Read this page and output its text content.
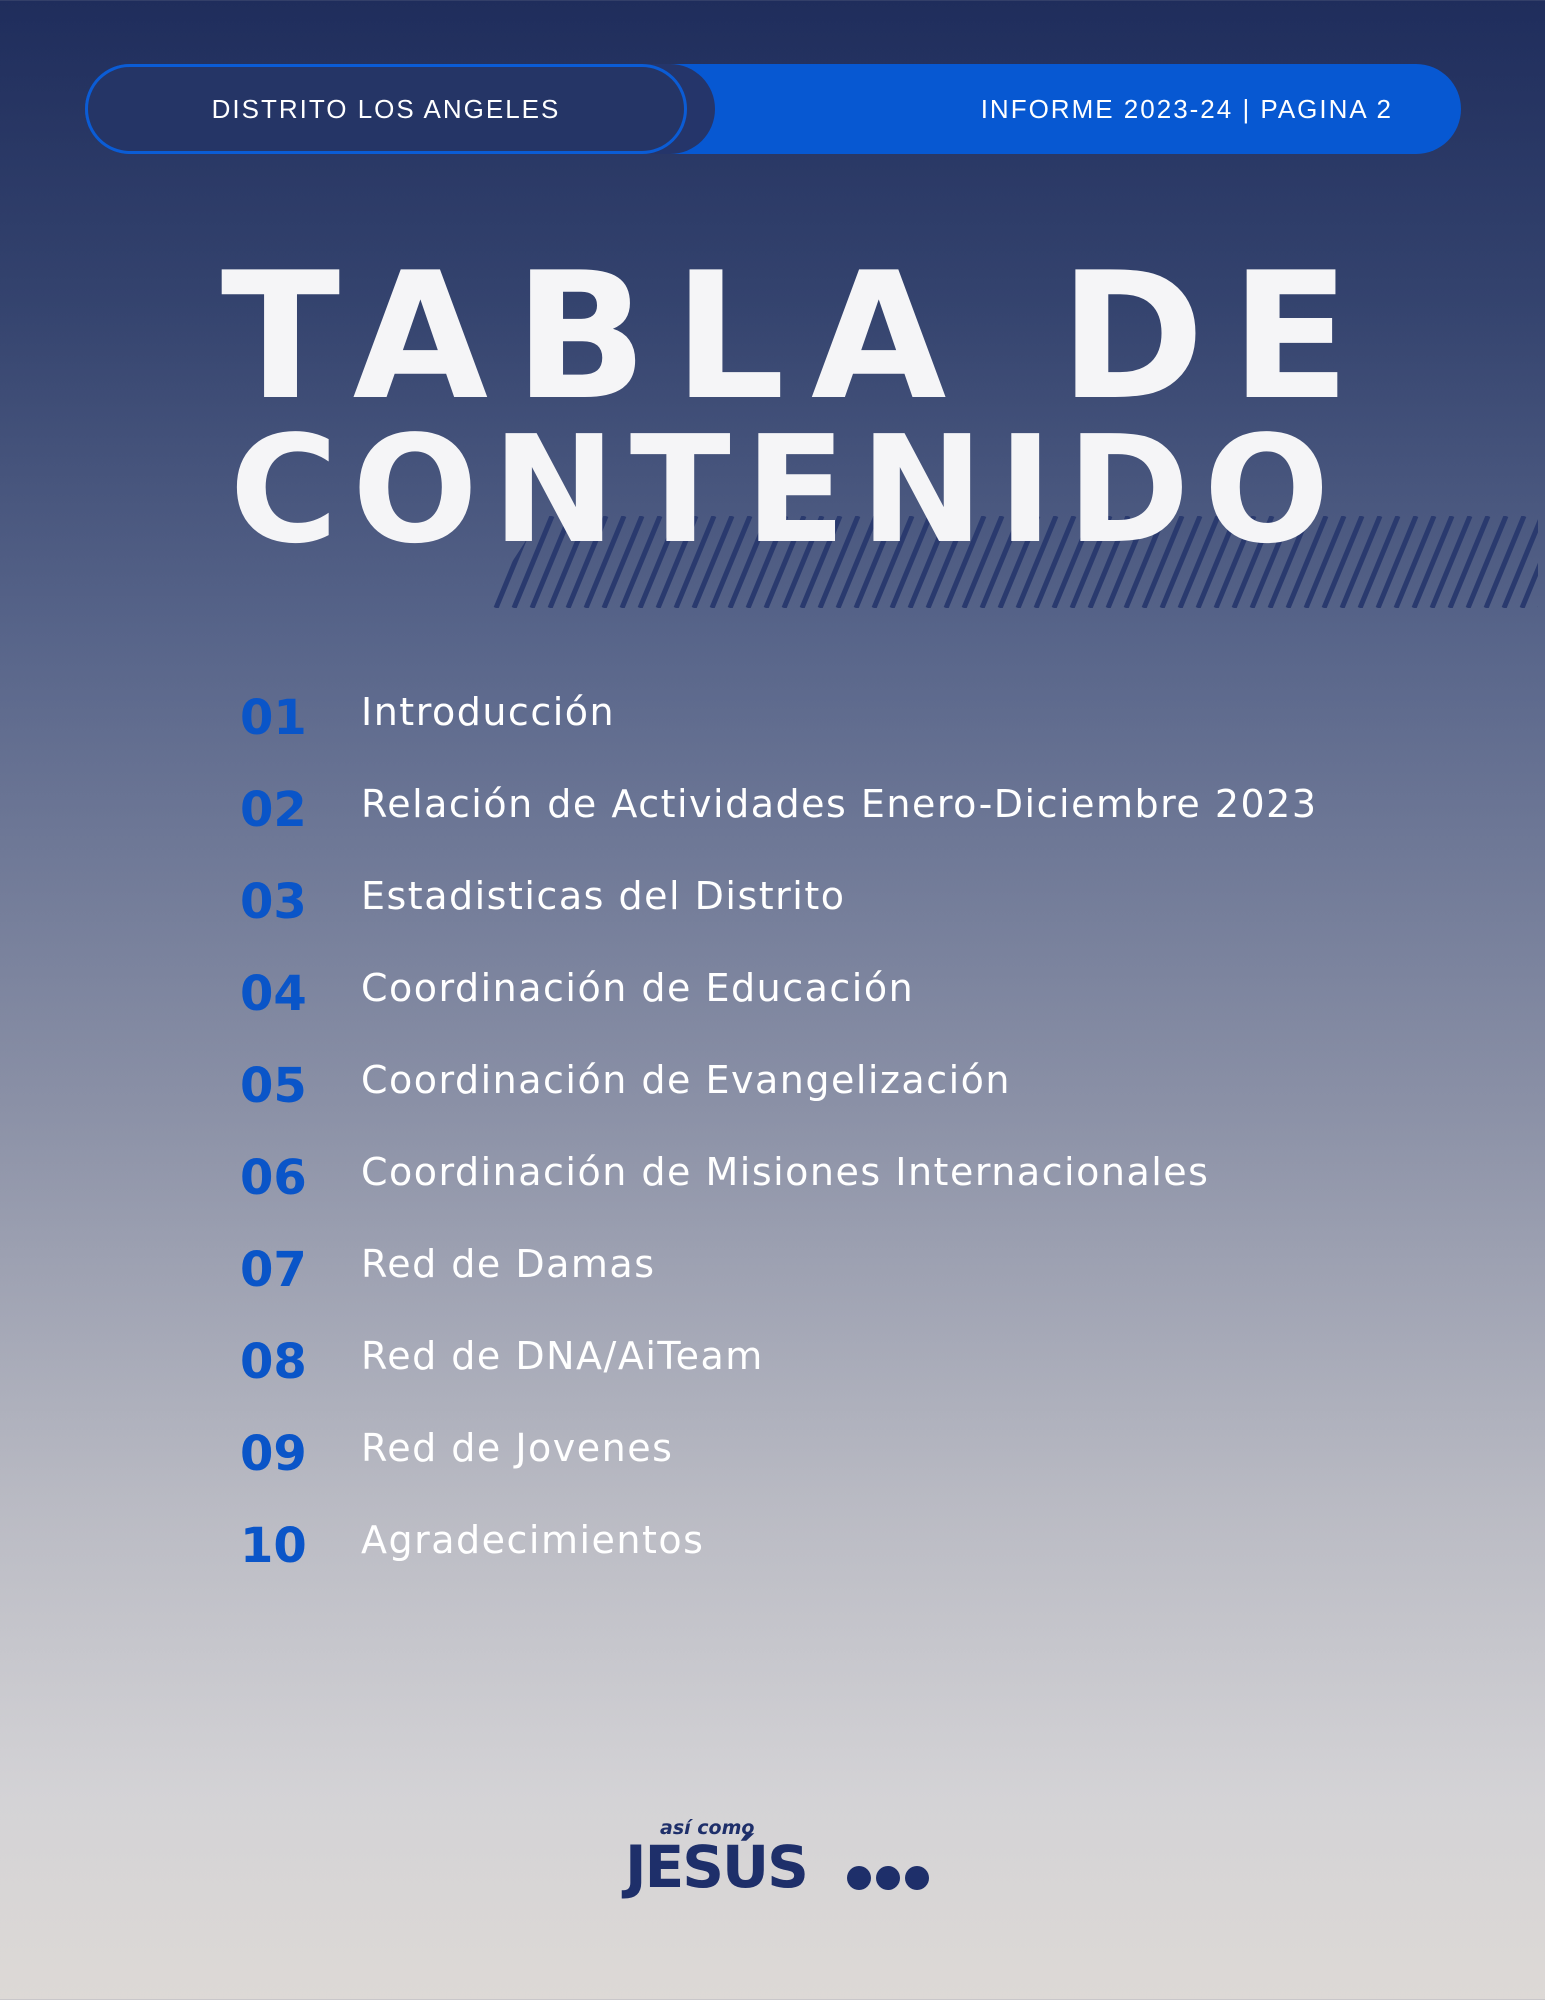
DISTRITO LOS ANGELES	INFORME 2023-24 | PAGINA 2
TABLA DE
CONTENIDO
01 Introducción
02 Relación de Actividades Enero-Diciembre 2023
03 Estadisticas del Distrito
04 Coordinación de Educación
05 Coordinación de Evangelización
06 Coordinación de Misiones Internacionales
07 Red de Damas
08 Red de DNA/AiTeam
09 Red de Jovenes
10 Agradecimientos
así como
JESÚS
